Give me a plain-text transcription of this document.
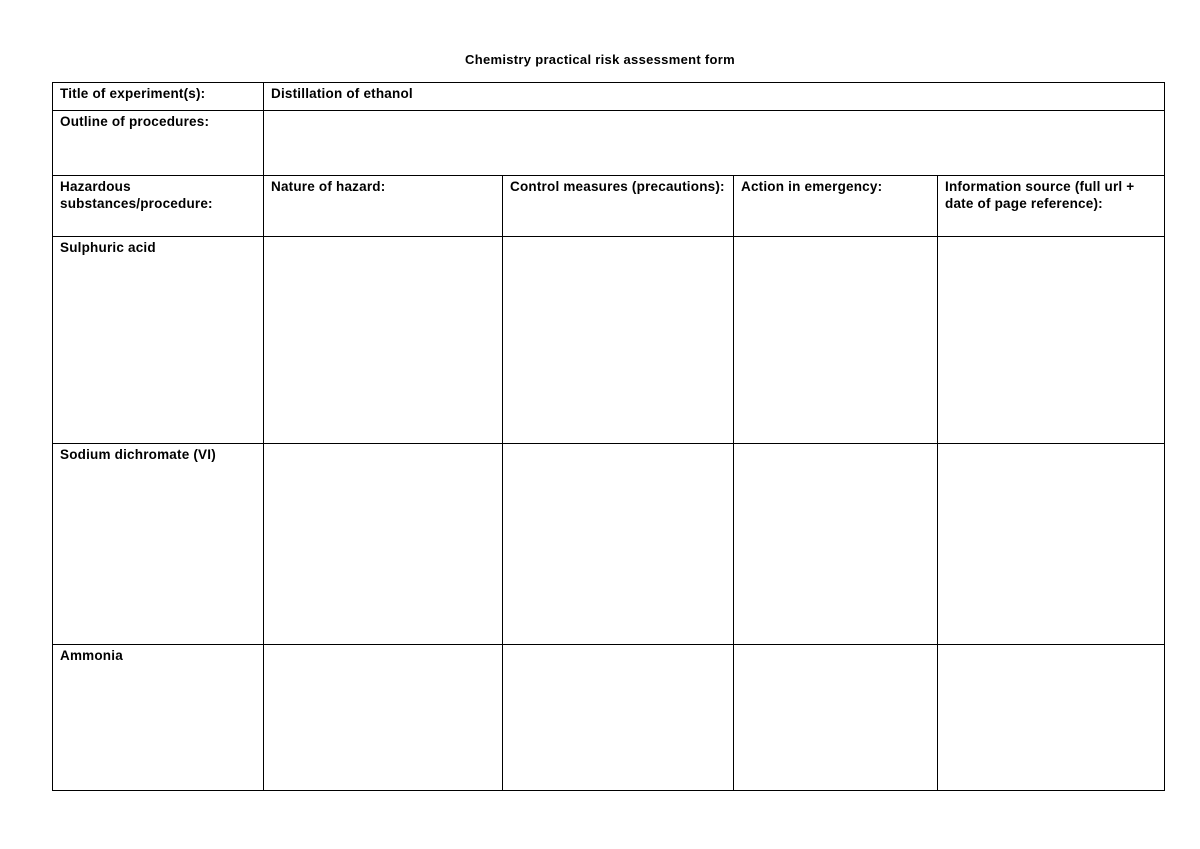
Chemistry practical risk assessment form
Title of experiment(s):	Distillation of ethanol			
Outline of procedures:				
Hazardous substances/procedure:	Nature of hazard:	Control measures (precautions):	Action in emergency:	Information source (full url + date of page reference):
Sulphuric acid				
Sodium dichromate (VI)				
Ammonia				
